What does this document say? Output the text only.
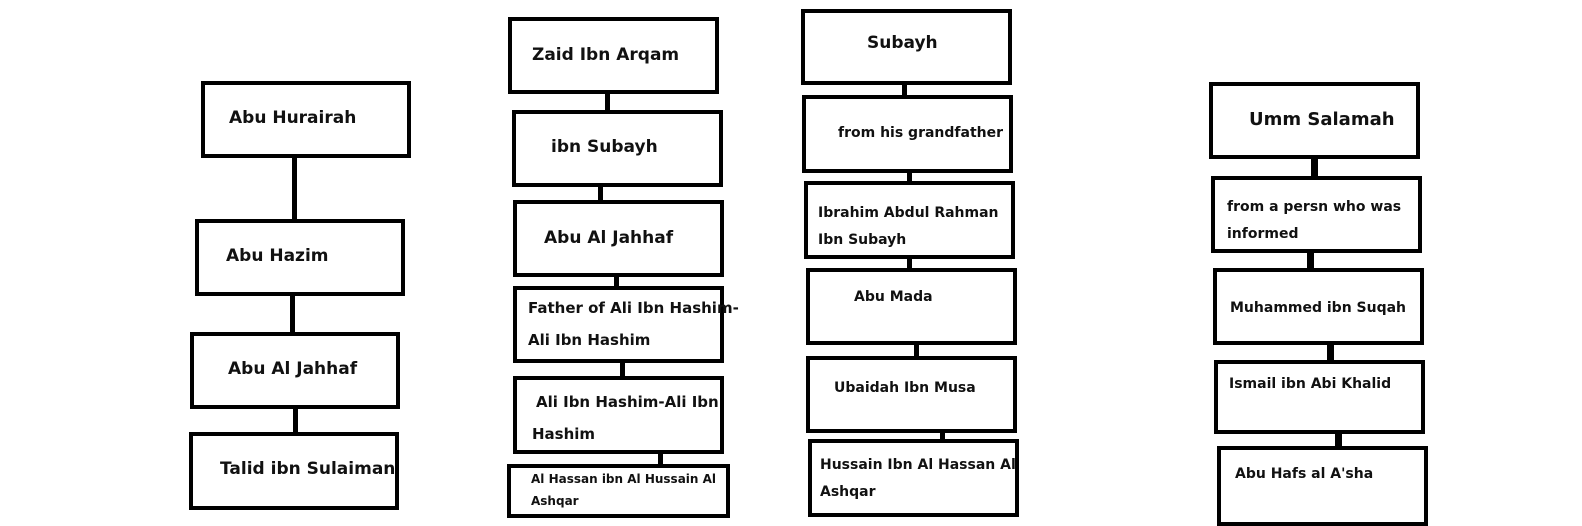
Abu Hurairah
Abu Hazim
Abu Al Jahhaf
Talid ibn Sulaiman
Zaid Ibn Arqam
ibn Subayh
Abu Al Jahhaf
Father of Ali Ibn Hashim-
Ali Ibn Hashim
Ali Ibn Hashim-Ali Ibn
Hashim
Al Hassan ibn Al Hussain Al
Ashqar
Subayh
from his grandfather
Ibrahim Abdul Rahman
Ibn Subayh
Abu Mada
Ubaidah Ibn Musa
Hussain Ibn Al Hassan Al
Ashqar
Umm Salamah
from a persn who was
informed
Muhammed ibn Suqah
Ismail ibn Abi Khalid
Abu Hafs al A'sha
